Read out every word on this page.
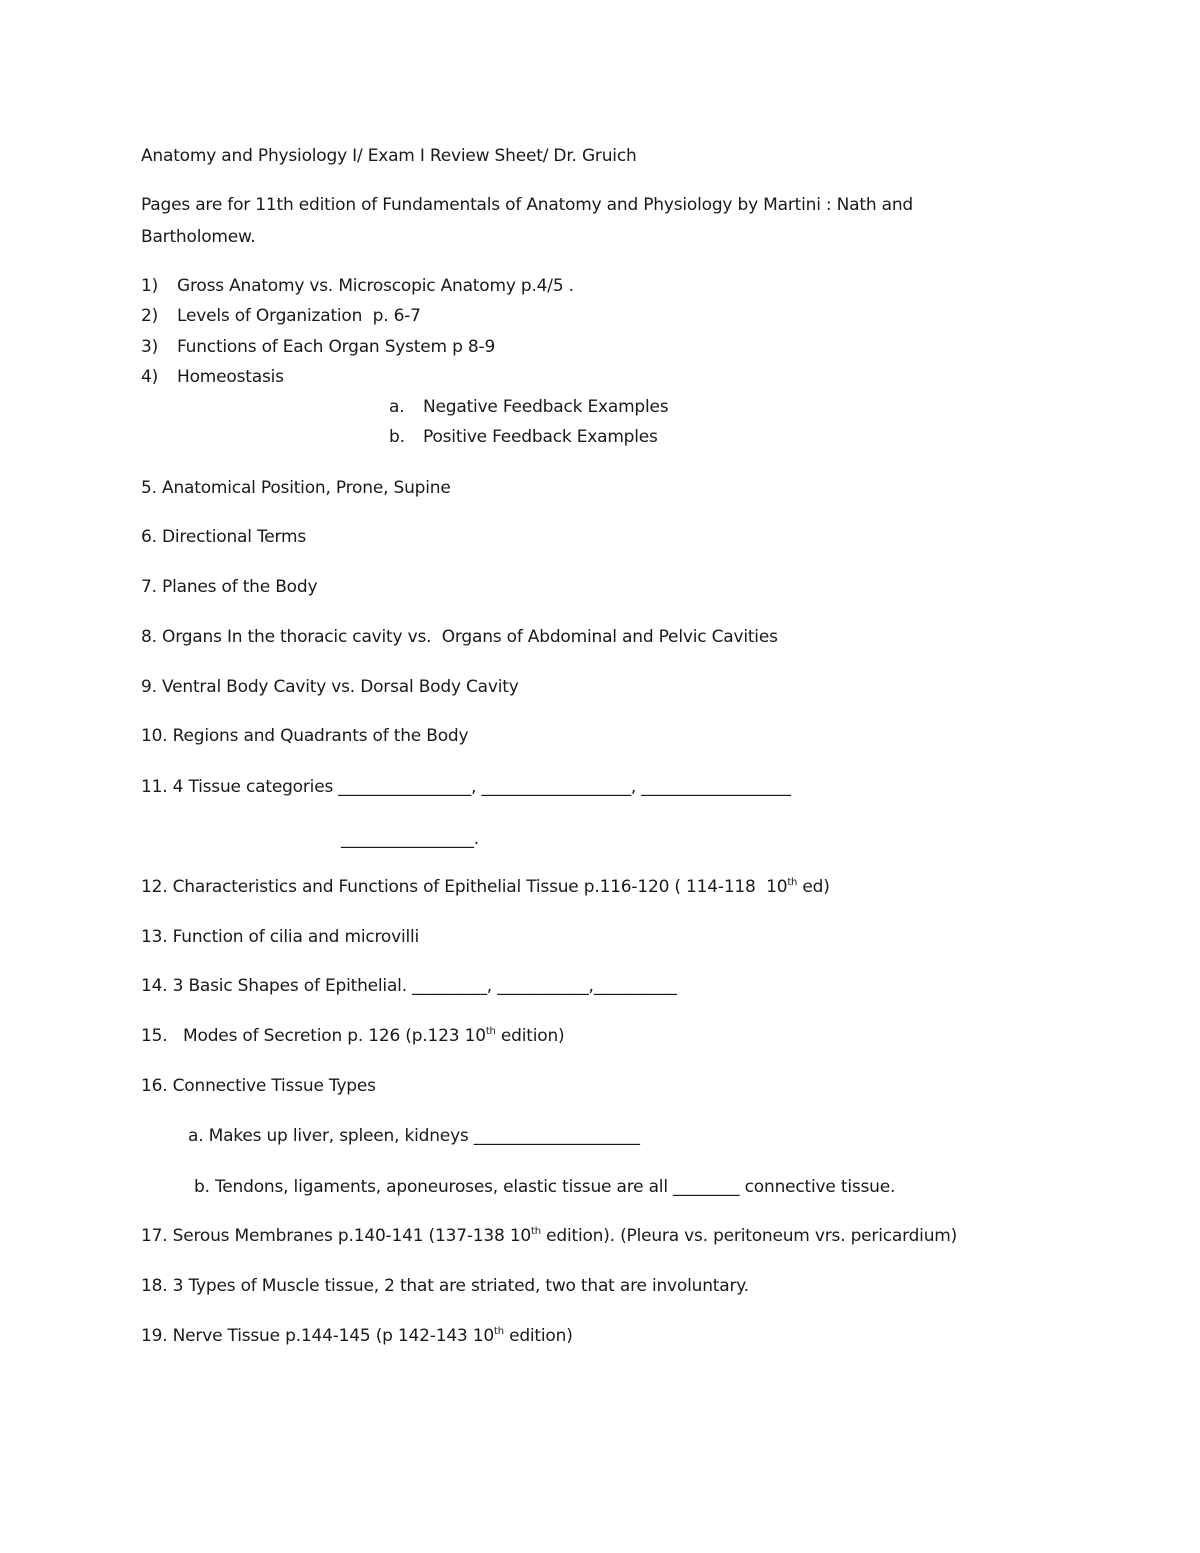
Anatomy and Physiology I/ Exam I Review Sheet/ Dr. Gruich
Pages are for 11th edition of Fundamentals of Anatomy and Physiology by Martini : Nath and
Bartholomew.
1) Gross Anatomy vs. Microscopic Anatomy p.4/5 .
2) Levels of Organization  p. 6-7
3) Functions of Each Organ System p 8-9
4) Homeostasis
a. Negative Feedback Examples
b. Positive Feedback Examples
5. Anatomical Position, Prone, Supine
6. Directional Terms
7. Planes of the Body
8. Organs In the thoracic cavity vs.  Organs of Abdominal and Pelvic Cavities
9. Ventral Body Cavity vs. Dorsal Body Cavity
10. Regions and Quadrants of the Body
11. 4 Tissue categories ________________, __________________, __________________
________________.
12. Characteristics and Functions of Epithelial Tissue p.116-120 ( 114-118  10th ed)
13. Function of cilia and microvilli
14. 3 Basic Shapes of Epithelial. _________, ___________,__________
15.   Modes of Secretion p. 126 (p.123 10th edition)
16. Connective Tissue Types
a. Makes up liver, spleen, kidneys ____________________
b. Tendons, ligaments, aponeuroses, elastic tissue are all ________ connective tissue.
17. Serous Membranes p.140-141 (137-138 10th edition). (Pleura vs. peritoneum vrs. pericardium)
18. 3 Types of Muscle tissue, 2 that are striated, two that are involuntary.
19. Nerve Tissue p.144-145 (p 142-143 10th edition)
